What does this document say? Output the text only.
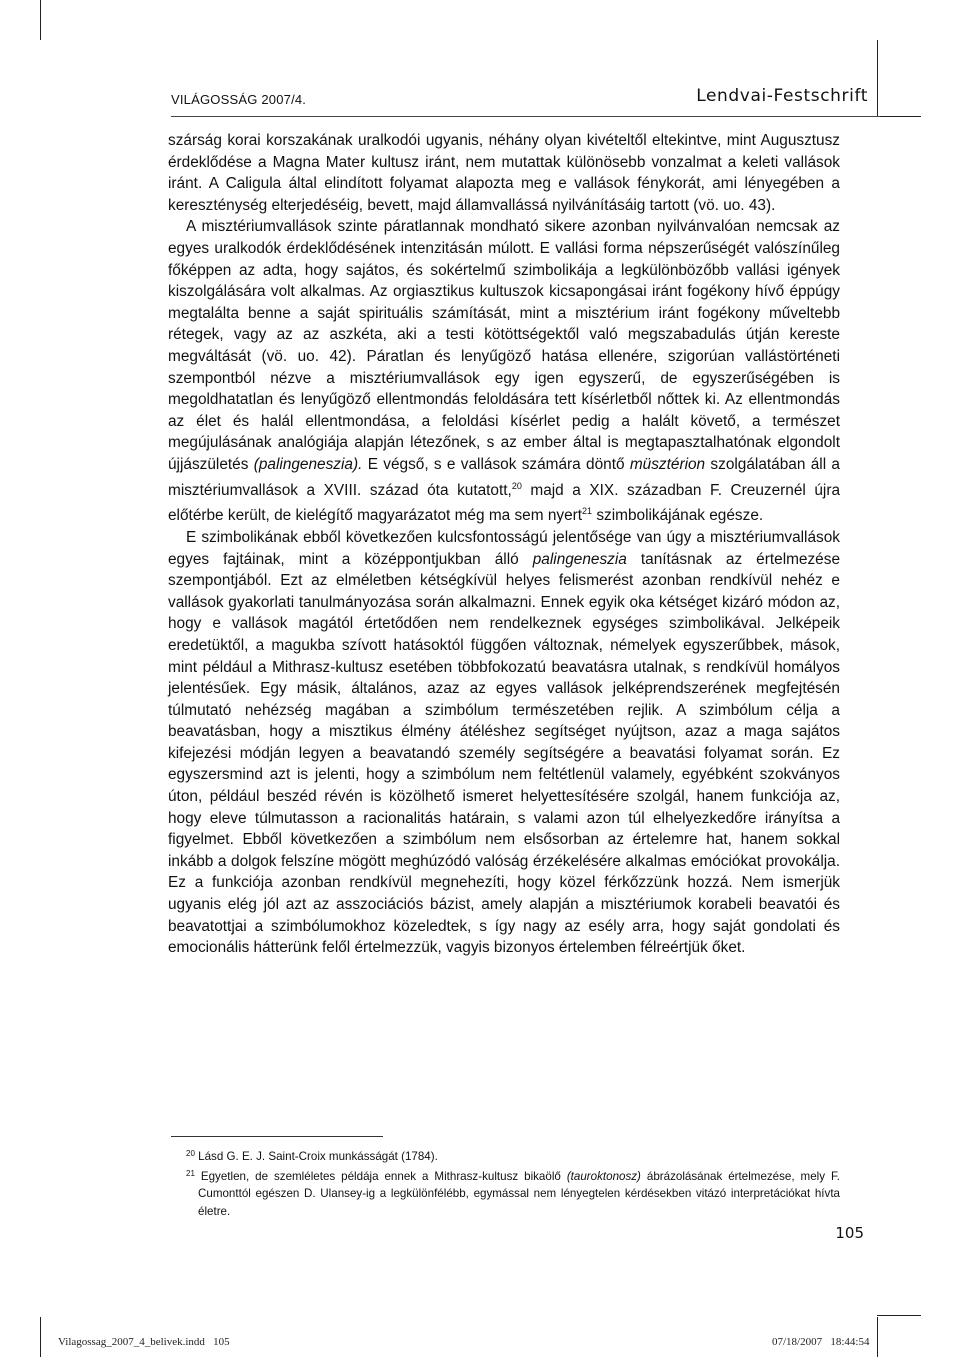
VILÁGOSSÁG 2007/4.	Lendvai-Festschrift

szárság korai korszakának uralkodói ugyanis, néhány olyan kivételtől eltekintve, mint Augusztusz érdeklődése a Magna Mater kultusz iránt, nem mutattak különösebb vonzalmat a keleti vallások iránt. A Caligula által elindított folyamat alapozta meg e vallások fénykorát, ami lényegében a kereszténység elterjedéséig, bevett, majd államvallássá nyilvánításáig tartott (vö. uo. 43).

A misztériumvallások szinte páratlannak mondható sikere azonban nyilvánvalóan nemcsak az egyes uralkodók érdeklődésének intenzitásán múlott. E vallási forma népszerűségét valószínűleg főképpen az adta, hogy sajátos, és sokértelmű szimbolikája a legkülönbözőbb vallási igények kiszolgálására volt alkalmas. Az orgiasztikus kultuszok kicsapongásai iránt fogékony hívő éppúgy megtalálta benne a saját spirituális számítását, mint a misztérium iránt fogékony műveltebb rétegek, vagy az az aszkéta, aki a testi kötöttségektől való megszabadulás útján kereste megváltását (vö. uo. 42). Páratlan és lenyűgöző hatása ellenére, szigorúan vallástörténeti szempontból nézve a misztériumvallások egy igen egyszerű, de egyszerűségében is megoldhatatlan és lenyűgöző ellentmondás feloldására tett kísérletből nőttek ki. Az ellentmondás az élet és halál ellentmondása, a feloldási kísérlet pedig a halált követő, a természet megújulásának analógiája alapján létezőnek, s az ember által is megtapasztalhatónak elgondolt újjászületés (palingeneszia). E végső, s e vallások számára döntő müsztérion szolgálatában áll a misztériumvallások a XVIII. század óta kutatott,$^{20}$ majd a XIX. században F. Creuzernél újra előtérbe került, de kielégítő magyarázatot még ma sem nyert$^{21}$ szimbolikájának egésze.

E szimbolikának ebből következően kulcsfontosságú jelentősége van úgy a misztériumvallások egyes fajtáinak, mint a középpontjukban álló palingeneszia tanításnak az értelmezése szempontjából. Ezt az elméletben kétségkívül helyes felismerést azonban rendkívül nehéz e vallások gyakorlati tanulmányozása során alkalmazni. Ennek egyik oka kétséget kizáró módon az, hogy e vallások magától értetődően nem rendelkeznek egységes szimbolikával. Jelképeik eredetüktől, a magukba szívott hatásoktól függően változnak, némelyek egyszerűbbek, mások, mint például a Mithrasz-kultusz esetében többfokozatú beavatásra utalnak, s rendkívül homályos jelentésűek. Egy másik, általános, azaz az egyes vallások jelképrendszerének megfejtésén túlmutató nehézség magában a szimbólum természetében rejlik. A szimbólum célja a beavatásban, hogy a misztikus élmény átéléshez segítséget nyújtson, azaz a maga sajátos kifejezési módján legyen a beavatandó személy segítségére a beavatási folyamat során. Ez egyszersmind azt is jelenti, hogy a szimbólum nem feltétlenül valamely, egyébként szokványos úton, például beszéd révén is közölhető ismeret helyettesítésére szolgál, hanem funkciója az, hogy eleve túlmutasson a racionalitás határain, s valami azon túl elhelyezkedőre irányítsa a figyelmet. Ebből következően a szimbólum nem elsősorban az értelemre hat, hanem sokkal inkább a dolgok felszíne mögött meghúzódó valóság érzékelésére alkalmas emóciókat provokálja. Ez a funkciója azonban rendkívül megnehezíti, hogy közel férkőzzünk hozzá. Nem ismerjük ugyanis elég jól azt az asszociációs bázist, amely alapján a misztériumok korabeli beavatói és beavatottjai a szimbólumokhoz közeledtek, s így nagy az esély arra, hogy saját gondolati és emocionális hátterünk felől értelmezzük, vagyis bizonyos értelemben félreértjük őket.

$^{20}$ Lásd G. E. J. Saint-Croix munkásságát (1784).

$^{21}$ Egyetlen, de szemléletes példája ennek a Mithrasz-kultusz bikaölő (tauroktonosz) ábrázolásának értelmezése, mely F. Cumonttól egészen D. Ulansey-ig a legkülönfélébb, egymással nem lényegtelen kérdésekben vitázó interpretációkat hívta életre.

105
Vilagossag_2007_4_belivek.indd   105	07/18/2007   18:44:54
